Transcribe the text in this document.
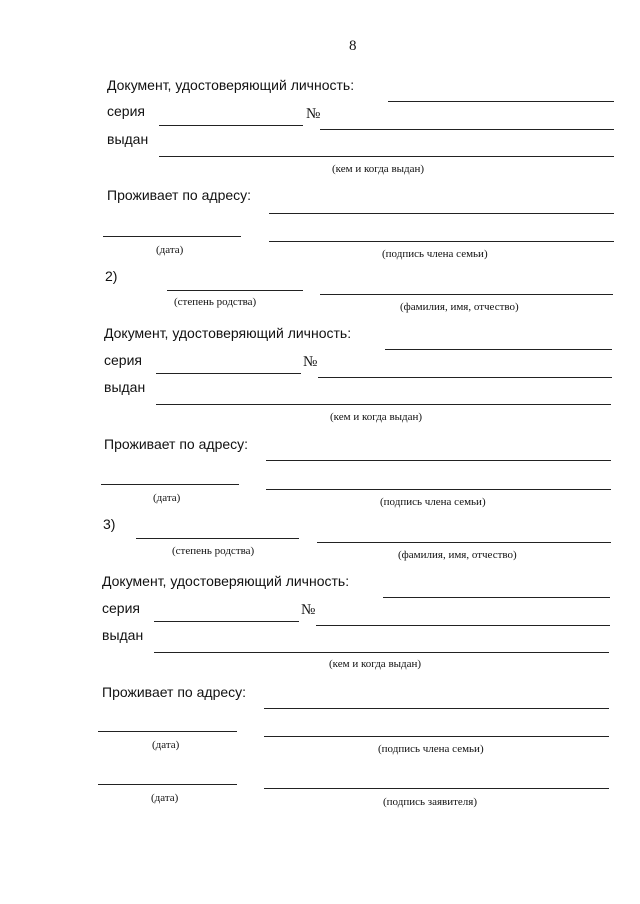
8
Документ, удостоверяющий личность:
серия	№
выдан
(кем и когда выдан)
Проживает по адресу:
(дата)	(подпись члена семьи)
2)
(степень родства)	(фамилия, имя, отчество)
Документ, удостоверяющий личность:
серия	№
выдан
(кем и когда выдан)
Проживает по адресу:
(дата)	(подпись члена семьи)
3)
(степень родства)	(фамилия, имя, отчество)
Документ, удостоверяющий личность:
серия	№
выдан
(кем и когда выдан)
Проживает по адресу:
(дата)	(подпись члена семьи)
(дата)	(подпись заявителя)
